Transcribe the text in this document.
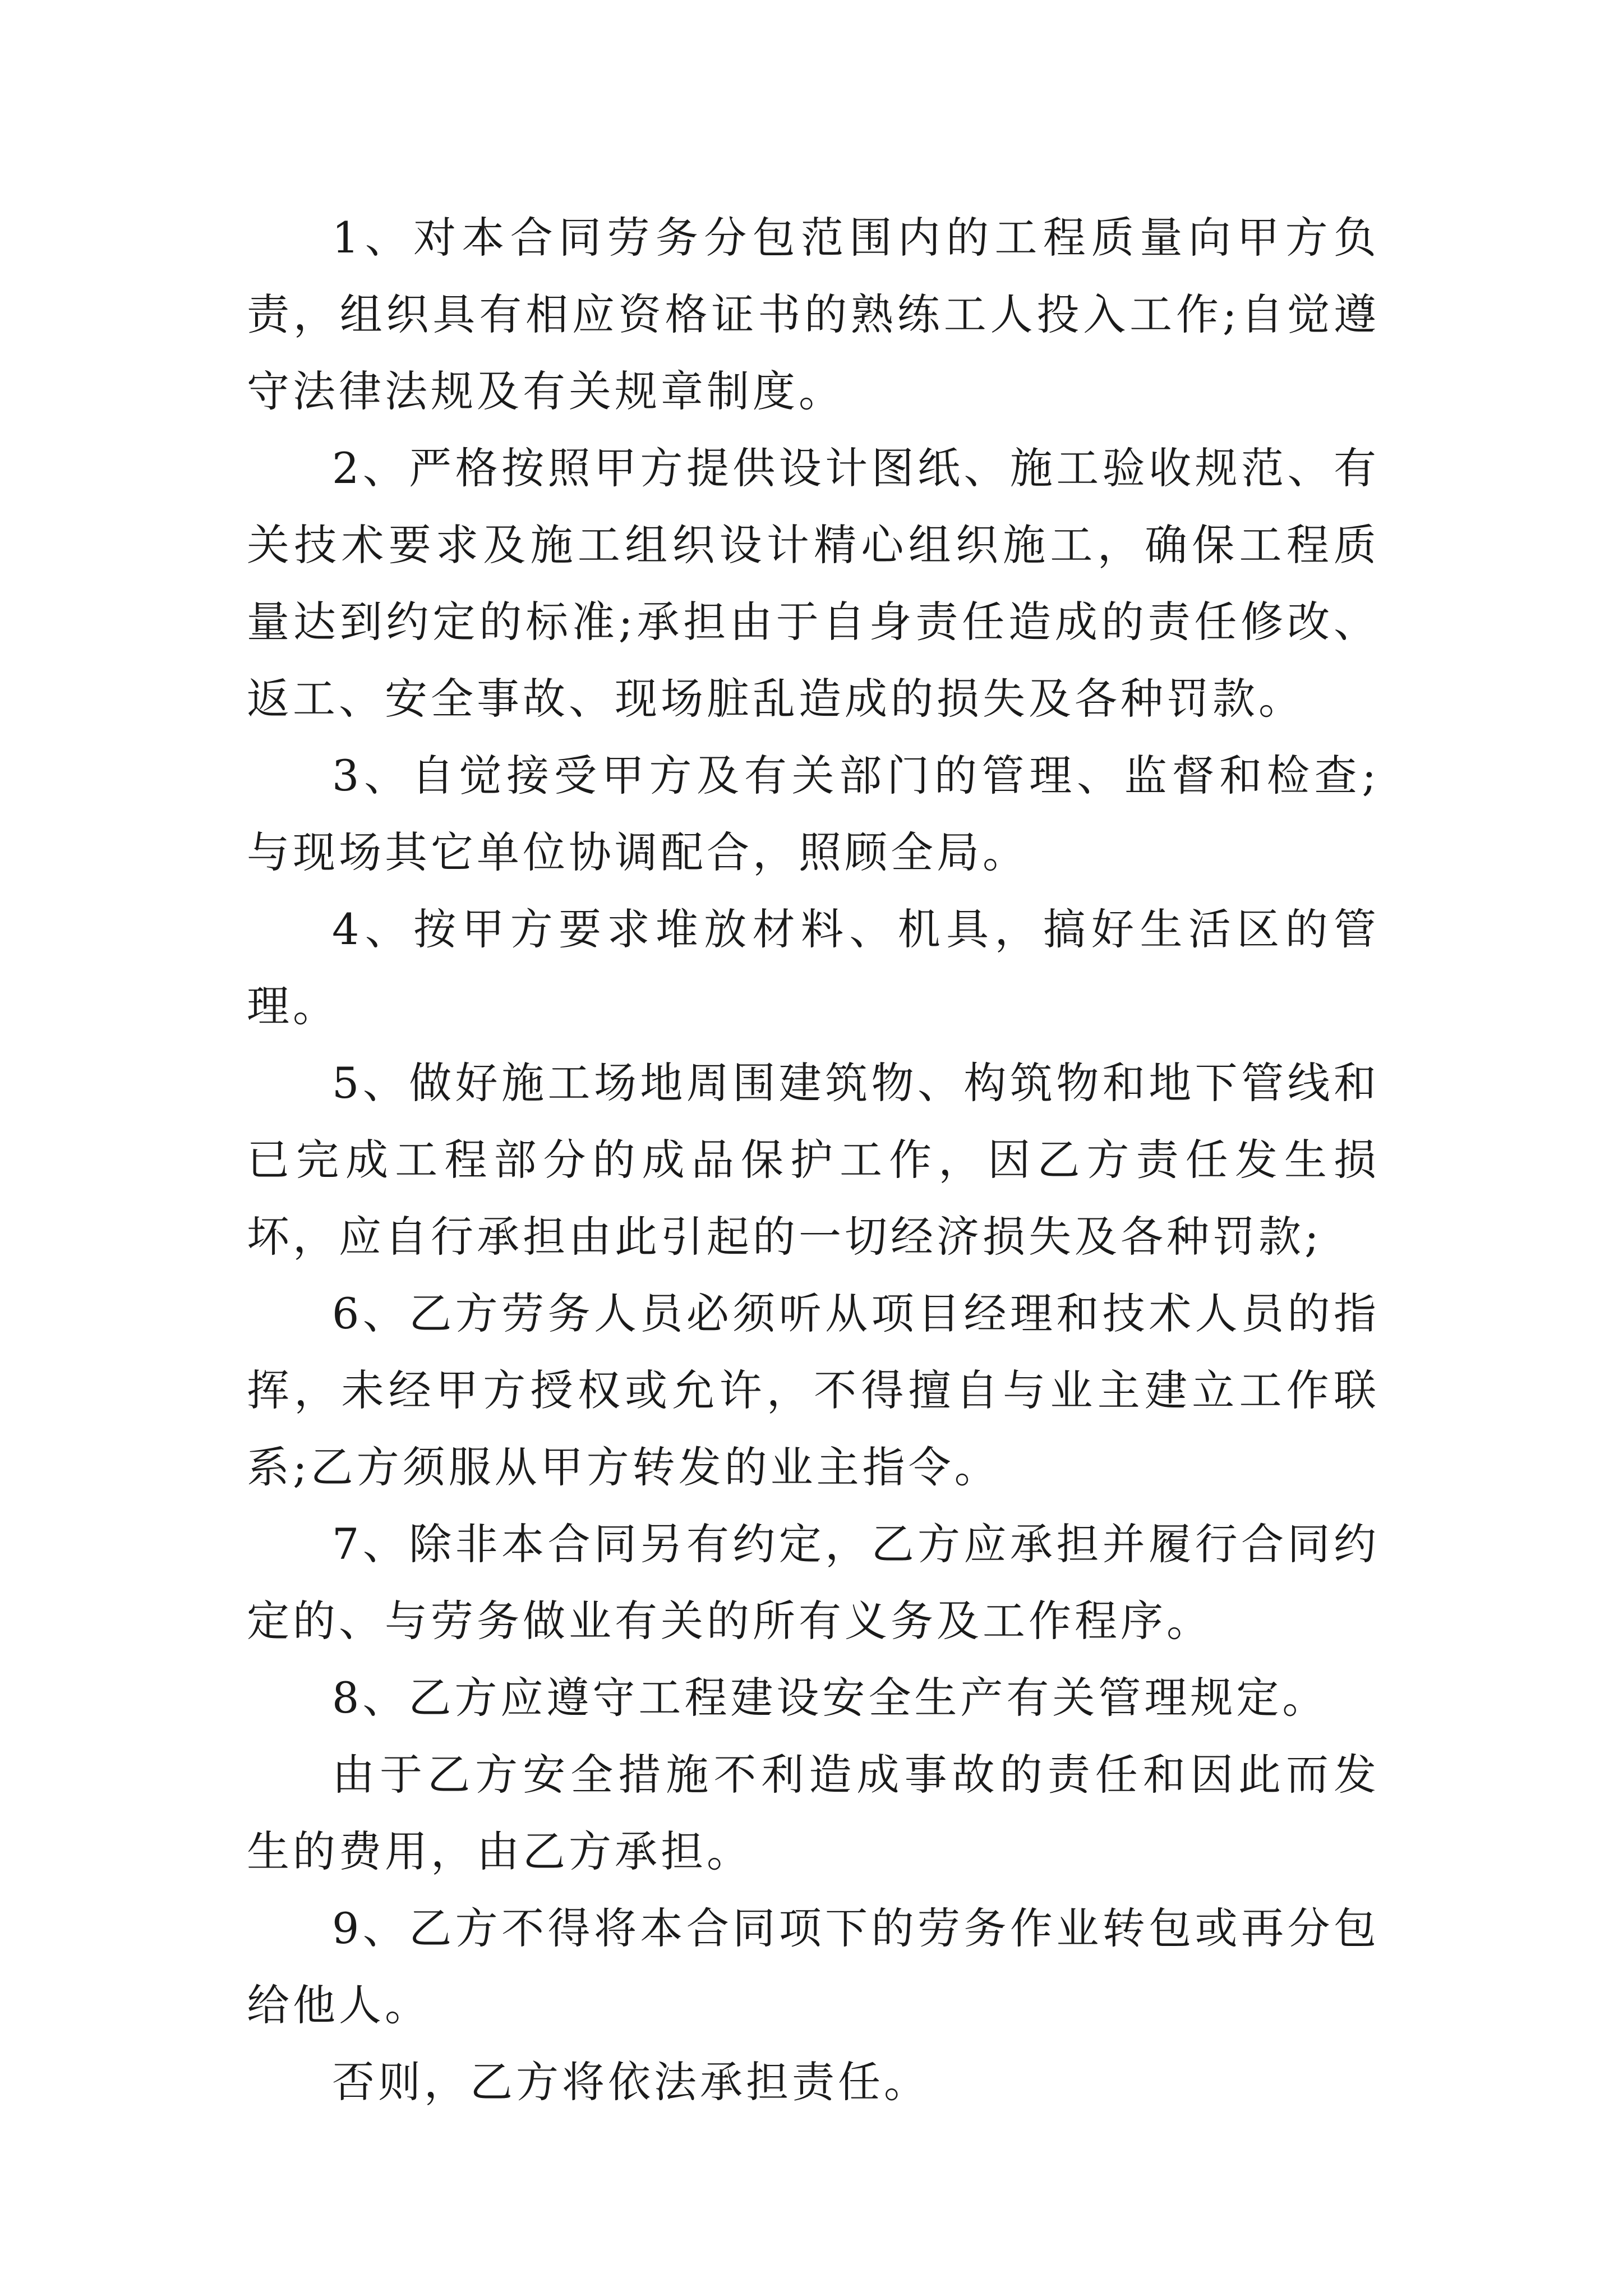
1、对本合同劳务分包范围内的工程质量向甲方负责，组织具有相应资格证书的熟练工人投入工作;自觉遵守法律法规及有关规章制度。

2、严格按照甲方提供设计图纸、施工验收规范、有关技术要求及施工组织设计精心组织施工，确保工程质量达到约定的标准;承担由于自身责任造成的责任修改、返工、安全事故、现场脏乱造成的损失及各种罚款。

3、自觉接受甲方及有关部门的管理、监督和检查;与现场其它单位协调配合，照顾全局。

4、按甲方要求堆放材料、机具，搞好生活区的管理。

5、做好施工场地周围建筑物、构筑物和地下管线和已完成工程部分的成品保护工作，因乙方责任发生损坏，应自行承担由此引起的一切经济损失及各种罚款;

6、乙方劳务人员必须听从项目经理和技术人员的指挥，未经甲方授权或允许，不得擅自与业主建立工作联系;乙方须服从甲方转发的业主指令。

7、除非本合同另有约定，乙方应承担并履行合同约定的、与劳务做业有关的所有义务及工作程序。

8、乙方应遵守工程建设安全生产有关管理规定。

由于乙方安全措施不利造成事故的责任和因此而发生的费用，由乙方承担。

9、乙方不得将本合同项下的劳务作业转包或再分包给他人。

否则，乙方将依法承担责任。
